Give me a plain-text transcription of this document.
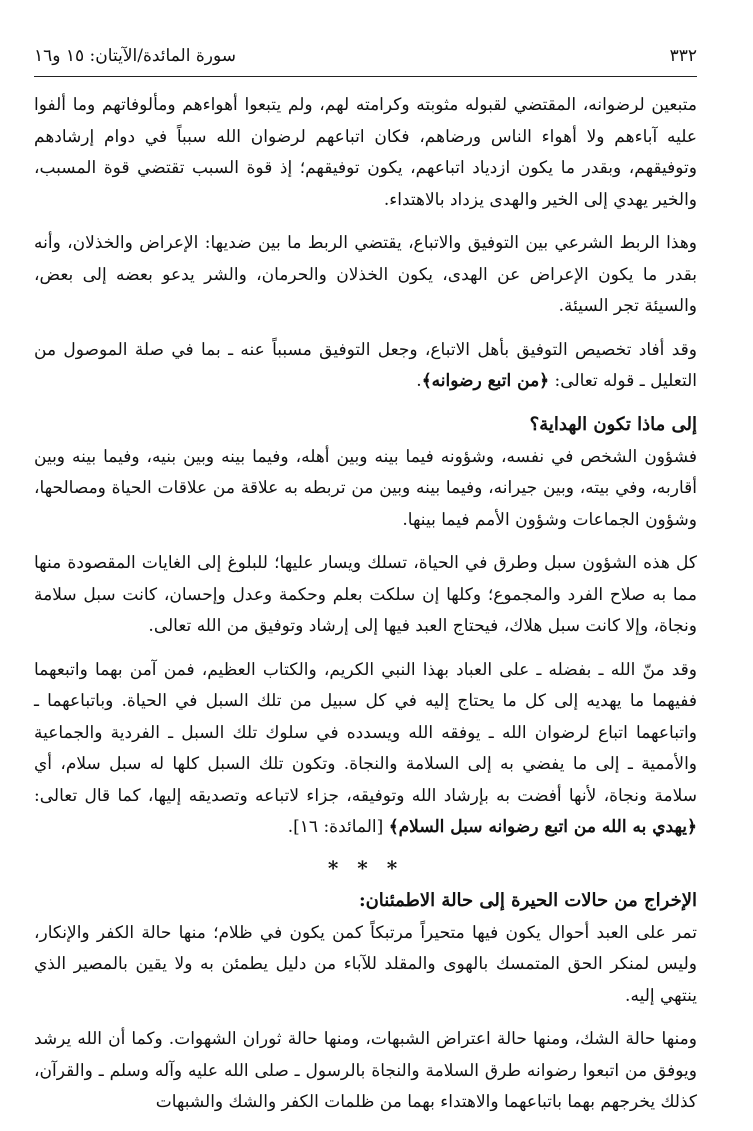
٣٣٢
سورة المائدة/الآيتان: ١٥ و١٦

متبعين لرضوانه، المقتضي لقبوله مثوبته وكرامته لهم، ولم يتبعوا أهواءهم ومألوفاتهم وما ألفوا عليه آباءهم ولا أهواء الناس ورضاهم، فكان اتباعهم لرضوان الله سبباً في دوام إرشادهم وتوفيقهم، وبقدر ما يكون ازدياد اتباعهم، يكون توفيقهم؛ إذ قوة السبب تقتضي قوة المسبب، والخير يهدي إلى الخير والهدى يزداد بالاهتداء.

وهذا الربط الشرعي بين التوفيق والاتباع، يقتضي الربط ما بين ضديها: الإعراض والخذلان، وأنه بقدر ما يكون الإعراض عن الهدى، يكون الخذلان والحرمان، والشر يدعو بعضه إلى بعض، والسيئة تجر السيئة.

وقد أفاد تخصيص التوفيق بأهل الاتباع، وجعل التوفيق مسبباً عنه ـ بما في صلة الموصول من التعليل ـ قوله تعالى: ﴿من اتبع رضوانه﴾.

إلى ماذا تكون الهداية؟

فشؤون الشخص في نفسه، وشؤونه فيما بينه وبين أهله، وفيما بينه وبين بنيه، وفيما بينه وبين أقاربه، وفي بيته، وبين جيرانه، وفيما بينه وبين من تربطه به علاقة من علاقات الحياة ومصالحها، وشؤون الجماعات وشؤون الأمم فيما بينها.

كل هذه الشؤون سبل وطرق في الحياة، تسلك ويسار عليها؛ للبلوغ إلى الغايات المقصودة منها مما به صلاح الفرد والمجموع؛ وكلها إن سلكت بعلم وحكمة وعدل وإحسان، كانت سبل سلامة ونجاة، وإلا كانت سبل هلاك، فيحتاج العبد فيها إلى إرشاد وتوفيق من الله تعالى.

وقد منّ الله ـ بفضله ـ على العباد بهذا النبي الكريم، والكتاب العظيم، فمن آمن بهما واتبعهما ففيهما ما يهديه إلى كل ما يحتاج إليه في كل سبيل من تلك السبل في الحياة. وباتباعهما ـ واتباعهما اتباع لرضوان الله ـ يوفقه الله ويسدده في سلوك تلك السبل ـ الفردية والجماعية والأممية ـ إلى ما يفضي به إلى السلامة والنجاة. وتكون تلك السبل كلها له سبل سلام، أي سلامة ونجاة، لأنها أفضت به بإرشاد الله وتوفيقه، جزاء لاتباعه وتصديقه إليها، كما قال تعالى: ﴿يهدي به الله من اتبع رضوانه سبل السلام﴾ [المائدة: ١٦].

* * *
الإخراج من حالات الحيرة إلى حالة الاطمئنان:

تمر على العبد أحوال يكون فيها متحيراً مرتبكاً كمن يكون في ظلام؛ منها حالة الكفر والإنكار، وليس لمنكر الحق المتمسك بالهوى والمقلد للآباء من دليل يطمئن به ولا يقين بالمصير الذي ينتهي إليه.

ومنها حالة الشك، ومنها حالة اعتراض الشبهات، ومنها حالة ثوران الشهوات. وكما أن الله يرشد ويوفق من اتبعوا رضوانه طرق السلامة والنجاة بالرسول ـ صلى الله عليه وآله وسلم ـ والقرآن، كذلك يخرجهم بهما باتباعهما والاهتداء بهما من ظلمات الكفر والشك والشبهات
